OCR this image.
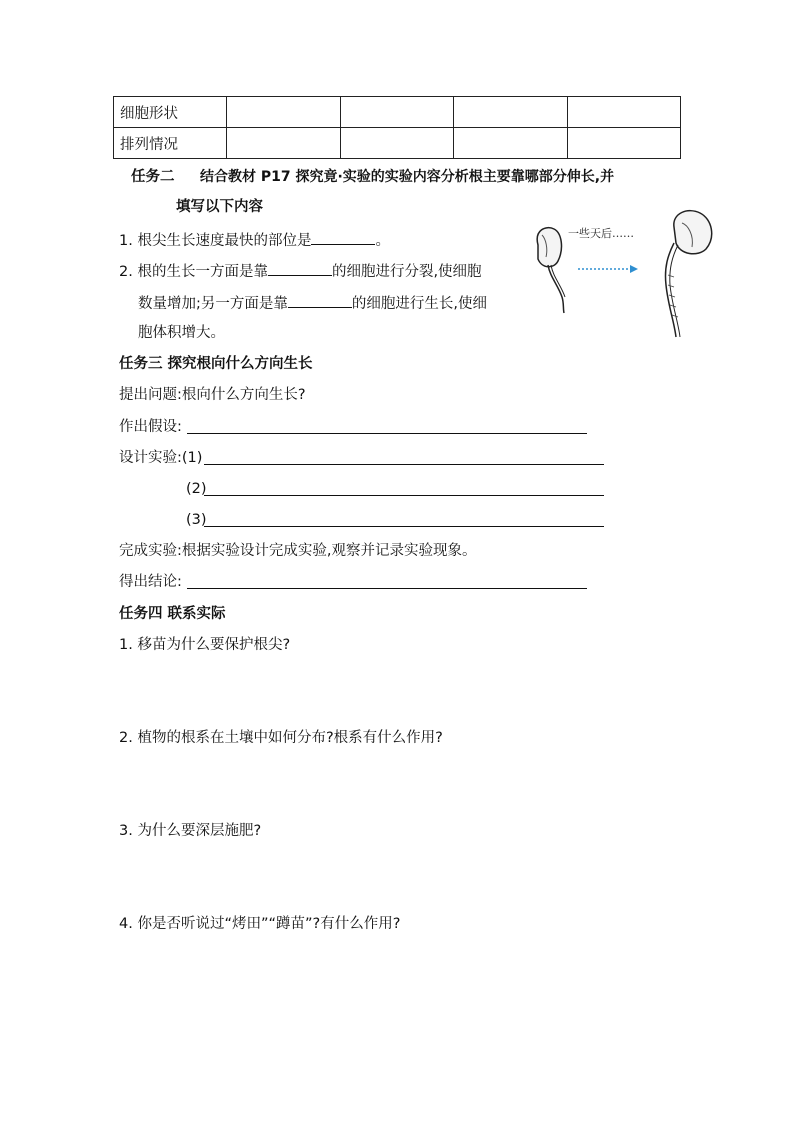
细胞形状				
排列情况				
任务二 结合教材 P17 探究竟·实验的实验内容分析根主要靠哪部分伸长,并
填写以下内容
1. 根尖生长速度最快的部位是	。
2. 根的生长一方面是靠	的细胞进行分裂,使细胞
数量增加;另一方面是靠	的细胞进行生长,使细
胞体积增大。
一些天后……
任务三 探究根向什么方向生长
提出问题:根向什么方向生长?
作出假设:
设计实验:(1)
(2)
(3)
完成实验:根据实验设计完成实验,观察并记录实验现象。
得出结论:
任务四 联系实际
1. 移苗为什么要保护根尖?
2. 植物的根系在土壤中如何分布?根系有什么作用?
3. 为什么要深层施肥?
4. 你是否听说过“烤田”“蹲苗”?有什么作用?
